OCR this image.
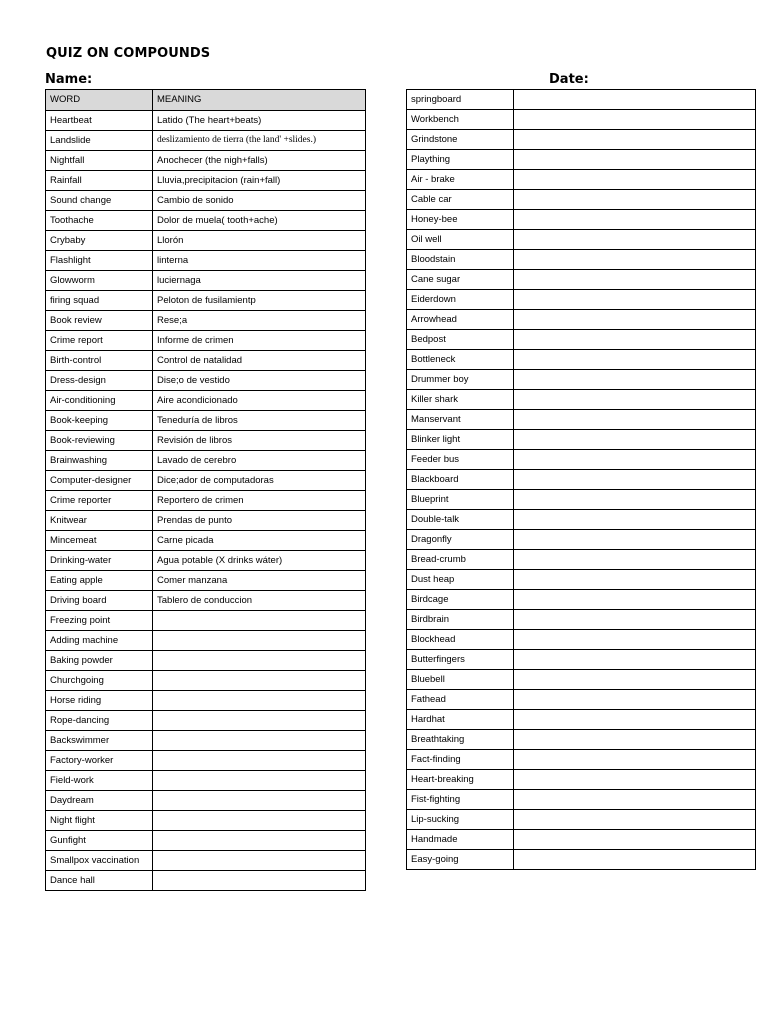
QUIZ ON COMPOUNDS
Name:	Date:
WORD	MEANING
Heartbeat	Latido (The heart+beats)
Landslide	deslizamiento de tierra (the land' +slides.)
Nightfall	Anochecer (the nigh+falls)
Rainfall	Lluvia,precipitacion (rain+fall)
Sound change	Cambio de sonido
Toothache	Dolor de muela( tooth+ache)
Crybaby	Llorón
Flashlight	linterna
Glowworm	luciernaga
firing squad	Peloton de fusilamientp
Book review	Rese;a
Crime report	Informe de crimen
Birth-control	Control de natalidad
Dress-design	Dise;o de vestido
Air-conditioning	Aire acondicionado
Book-keeping	Teneduría de libros
Book-reviewing	Revisión de libros
Brainwashing	Lavado de cerebro
Computer-designer	Dice;ador de computadoras
Crime reporter	Reportero de crimen
Knitwear	Prendas de punto
Mincemeat	Carne picada
Drinking-water	Agua potable (X drinks wáter)
Eating apple	Comer manzana
Driving board	Tablero de conduccion
Freezing point	
Adding machine	
Baking powder	
Churchgoing	
Horse riding	
Rope-dancing	
Backswimmer	
Factory-worker	
Field-work	
Daydream	
Night flight	
Gunfight	
Smallpox vaccination	
Dance hall	
springboard	
Workbench	
Grindstone	
Plaything	
Air - brake	
Cable car	
Honey-bee	
Oil well	
Bloodstain	
Cane sugar	
Eiderdown	
Arrowhead	
Bedpost	
Bottleneck	
Drummer boy	
Killer shark	
Manservant	
Blinker light	
Feeder bus	
Blackboard	
Blueprint	
Double-talk	
Dragonfly	
Bread-crumb	
Dust heap	
Birdcage	
Birdbrain	
Blockhead	
Butterfingers	
Bluebell	
Fathead	
Hardhat	
Breathtaking	
Fact-finding	
Heart-breaking	
Fist-fighting	
Lip-sucking	
Handmade	
Easy-going	
